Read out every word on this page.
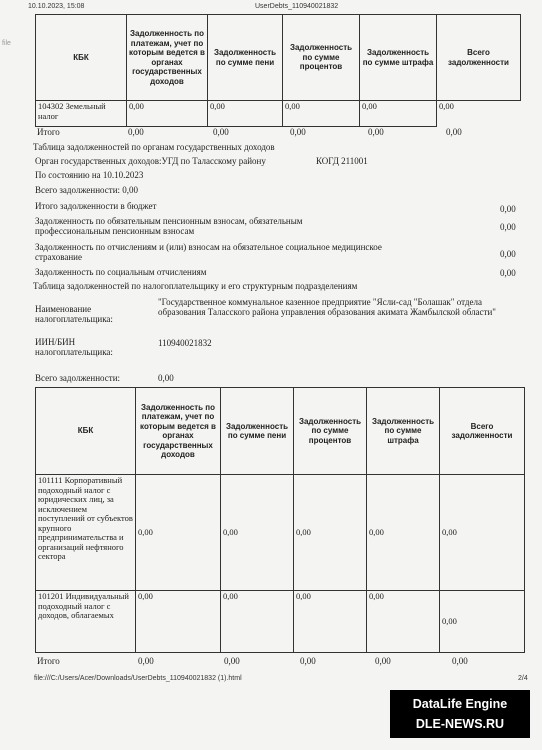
10.10.2023, 15:08	UserDebts_110940021832
file
КБК	Задолженность по платежам, учет по которым ведется в органах государственных доходов	Задолженность по сумме пени	Задолженность по сумме процентов	Задолженность по сумме штрафа	Всего задолженности
104302 Земельный налог	0,00	0,00	0,00	0,00	0,00
Итого	0,00	0,00	0,00	0,00	0,00
Таблица задолженностей по органам государственных доходов
Орган государственных доходов:УГД по Таласскому району	КОГД 211001
По состоянию на 10.10.2023
Всего задолженности: 0,00
Итого задолженности в бюджет	0,00
Задолженность по обязательным пенсионным взносам, обязательным профессиональным пенсионным взносам	0,00
Задолженность по отчислениям и (или) взносам на обязательное социальное медицинское страхование	0,00
Задолженность по социальным отчислениям	0,00
Таблица задолженностей по налогоплательщику и его структурным подразделениям
Наименование налогоплательщика:
"Государственное коммунальное казенное предприятие "Ясли-сад "Болашак" отдела образования Таласского района управления образования акимата Жамбылской области"
ИИН/БИН налогоплательщика:
110940021832
Всего задолженности:	0,00
КБК	Задолженность по платежам, учет по которым ведется в органах государственных доходов	Задолженность по сумме пени	Задолженность по сумме процентов	Задолженность по сумме штрафа	Всего задолженности
101111 Корпоративный подоходный налог с юридических лиц, за исключением поступлений от субъектов крупного предпринимательства и организаций нефтяного сектора	0,00	0,00	0,00	0,00	0,00
101201 Индивидуальный подоходный налог с доходов, облагаемых	0,00	0,00	0,00	0,00	0,00
Итого	0,00	0,00	0,00	0,00	0,00
file:///C:/Users/Acer/Downloads/UserDebts_110940021832 (1).html	2/4
DataLife Engine
DLE-NEWS.RU
